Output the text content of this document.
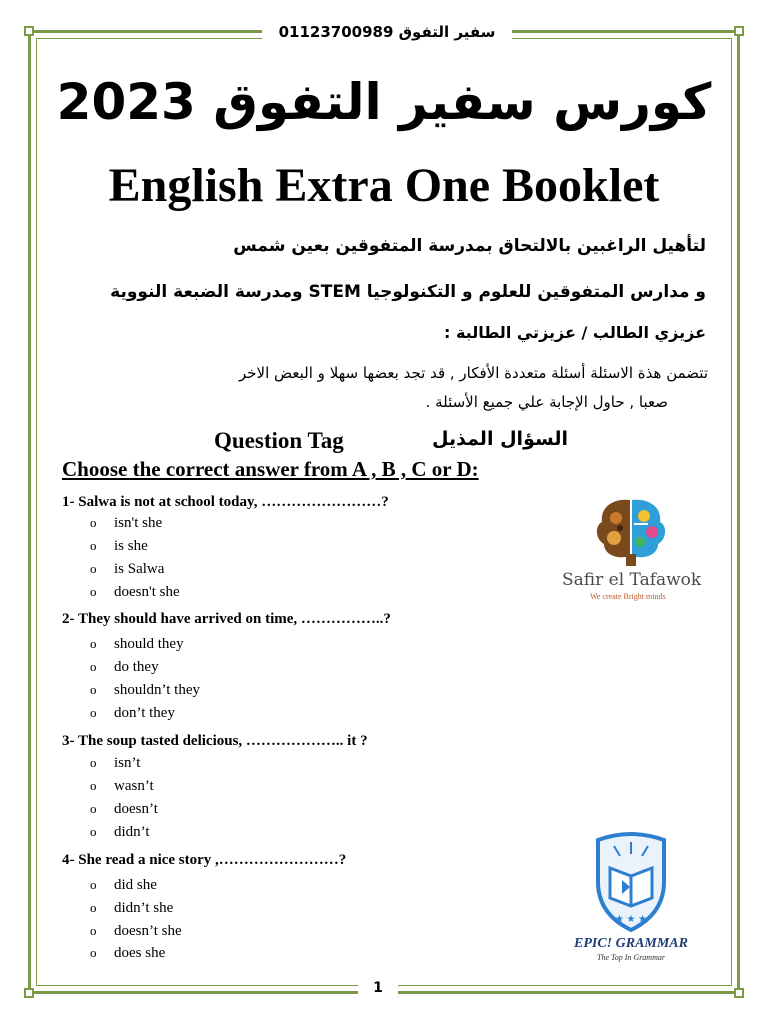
سفير التفوق 01123700989
1
كورس سفير التفوق 2023
English Extra One Booklet
لتأهيل الراغبين بالالتحاق بمدرسة المتفوقين بعين شمس
و مدارس المتفوقين للعلوم و التكنولوجيا STEM ومدرسة الضبعة النووية
عزيزي الطالب / عزيزتي الطالبة :
تتضمن هذة الاسئلة أسئلة متعددة الأفكار , قد تجد بعضها سهلا و البعض الاخر
صعبا , حاول الإجابة علي جميع الأسئلة .
Question Tag	السؤال المذيل
Choose the correct answer from A , B , C or D:
1- Salwa is not at school today, ……………………?
o isn't she
o is she
o is Salwa
o doesn't she
2- They should have arrived on time, ……………..?
o should they
o do they
o shouldn’t they
o don’t they
3- The soup tasted delicious, ……………….. it ?
o isn’t
o wasn’t
o doesn’t
o didn’t
4- She read a nice story ,……………………?
o did she
o didn’t she
o doesn’t she
o does she
Safir el Tafawok
We create Bright minds
★ ★ ★
EPIC! GRAMMAR
The Top In Grammar
